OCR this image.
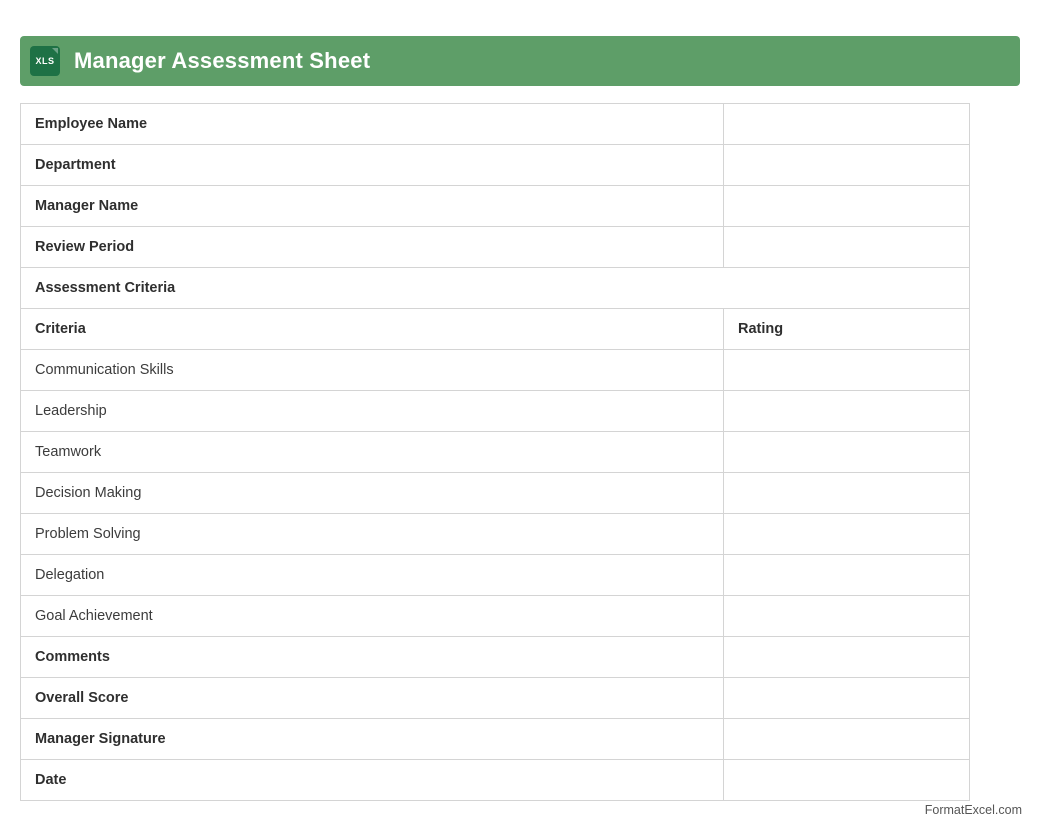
XLS Manager Assessment Sheet
Employee Name	
Department	
Manager Name	
Review Period	
Assessment Criteria	
Criteria	Rating
Communication Skills	
Leadership	
Teamwork	
Decision Making	
Problem Solving	
Delegation	
Goal Achievement	
Comments	
Overall Score	
Manager Signature	
Date	
FormatExcel.com
